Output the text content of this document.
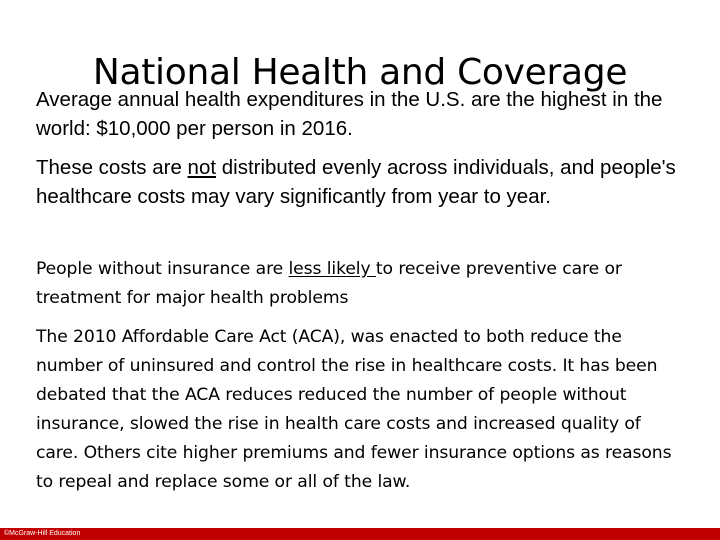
National Health and Coverage

Average annual health expenditures in the U.S. are the highest in the world: $10,000 per person in 2016.

These costs are not distributed evenly across individuals, and people's healthcare costs may vary significantly from year to year.

People without insurance are less likely to receive preventive care or treatment for major health problems

The 2010 Affordable Care Act (ACA), was enacted to both reduce the number of uninsured and control the rise in healthcare costs. It has been debated that the ACA reduces reduced the number of people without insurance, slowed the rise in health care costs and increased quality of care. Others cite higher premiums and fewer insurance options as reasons to repeal and replace some or all of the law.

©McGraw-Hill Education
